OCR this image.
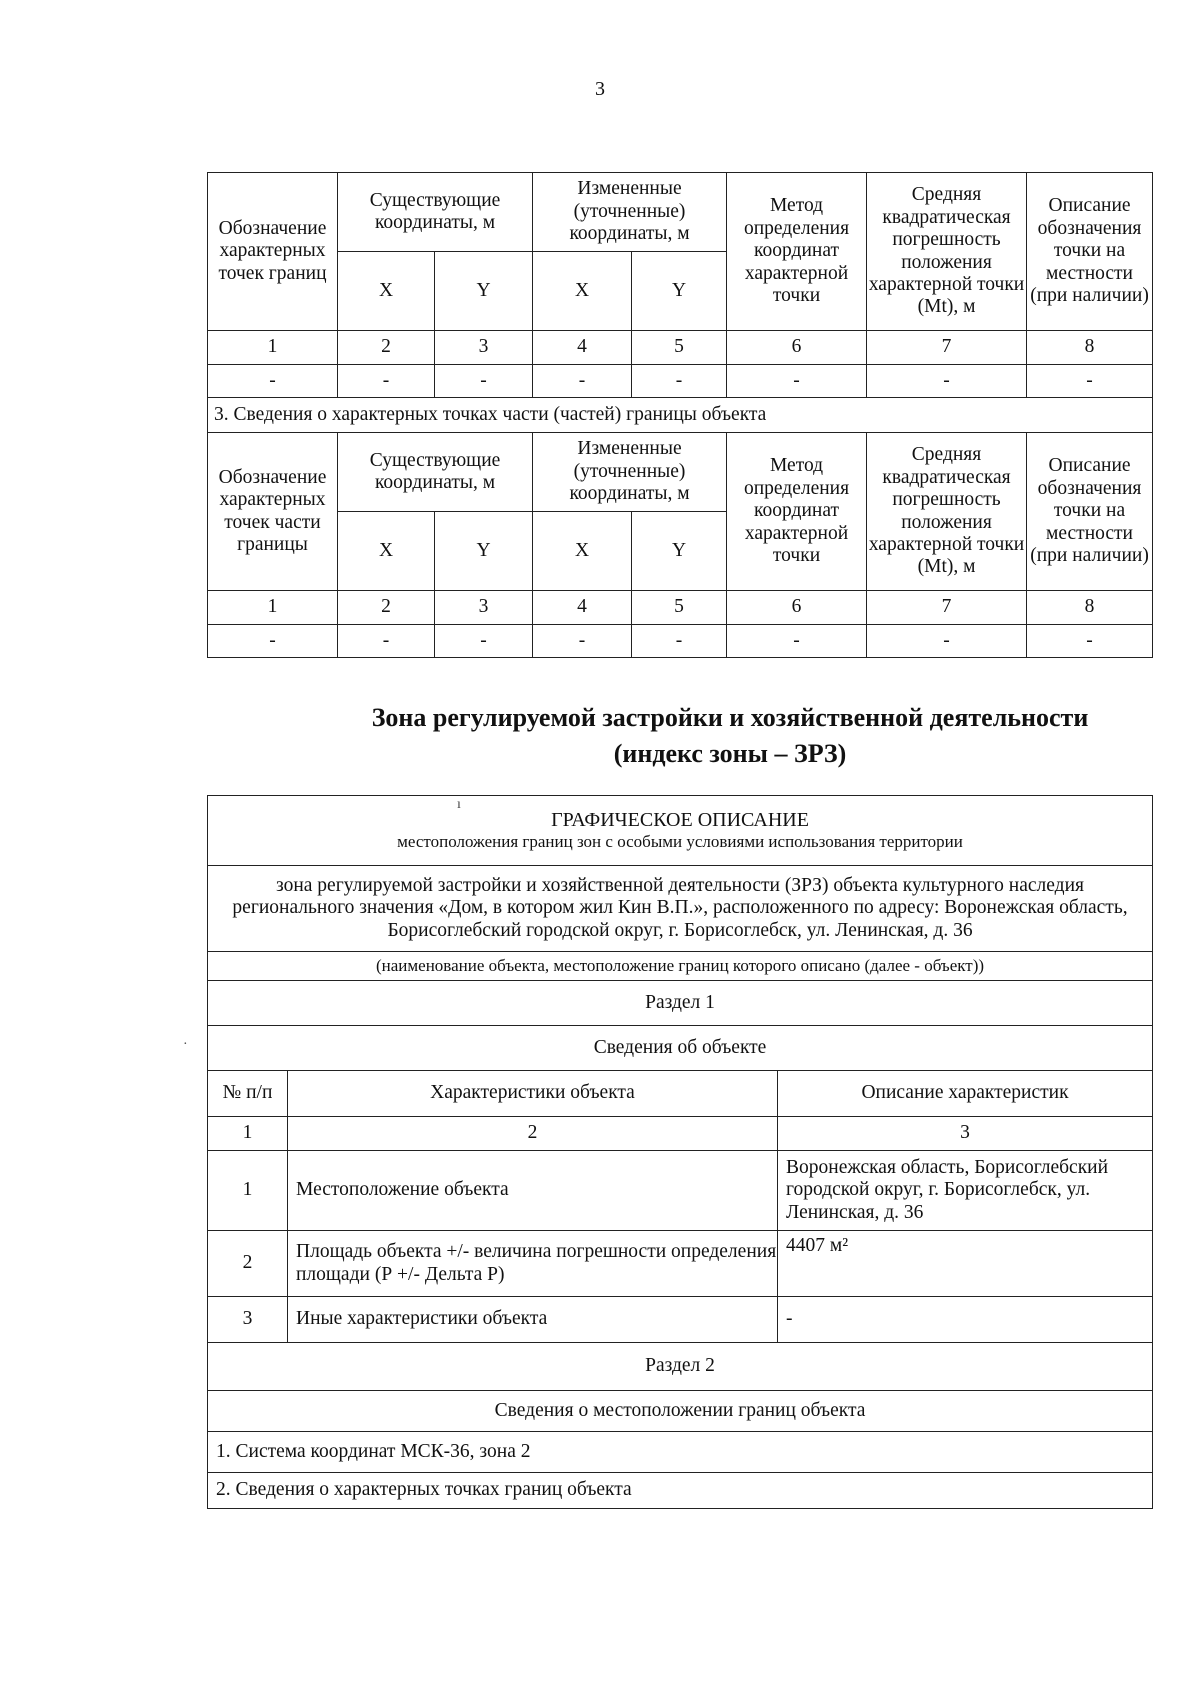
3
Обозначение характерных точек границ	Существующие координаты, м		Измененные (уточненные) координаты, м		Метод определения координат характерной точки	Средняя квадратическая погрешность положения характерной точки (Mt), м	Описание обозначения точки на местности (при наличии)
	X	Y	X	Y			
1	2	3	4	5	6	7	8
-	-	-	-	-	-	-	-
3. Сведения о характерных точках части (частей) границы объекта							
Обозначение характерных точек части границы	Существующие координаты, м		Измененные (уточненные) координаты, м		Метод определения координат характерной точки	Средняя квадратическая погрешность положения характерной точки (Mt), м	Описание обозначения точки на местности (при наличии)
	X	Y	X	Y			
1	2	3	4	5	6	7	8
-	-	-	-	-	-	-	-
Зона регулируемой застройки и хозяйственной деятельности
(индекс зоны – ЗРЗ)
ГРАФИЧЕСКОЕ ОПИСАНИЕ
местоположения границ зон с особыми условиями использования территории		

зона регулируемой застройки и хозяйственной деятельности (ЗРЗ) объекта культурного наследия регионального значения «Дом, в котором жил Кин В.П.», расположенного по адресу: Воронежская область, Борисоглебский городской округ, г. Борисоглебск, ул. Ленинская, д. 36		
(наименование объекта, местоположение границ которого описано (далее - объект))		
Раздел 1		
Сведения об объекте		
№ п/п	Характеристики объекта	Описание характеристик
1	2	3
1	Местоположение объекта	Воронежская область, Борисоглебский городской округ, г. Борисоглебск, ул. Ленинская, д. 36
2	Площадь объекта +/- величина погрешности определения площади (Р +/- Дельта Р)	4407 м²
3	Иные характеристики объекта	-
Раздел 2		
Сведения о местоположении границ объекта		
1. Система координат МСК-36, зона 2		
2. Сведения о характерных точках границ объекта		
·
ı
